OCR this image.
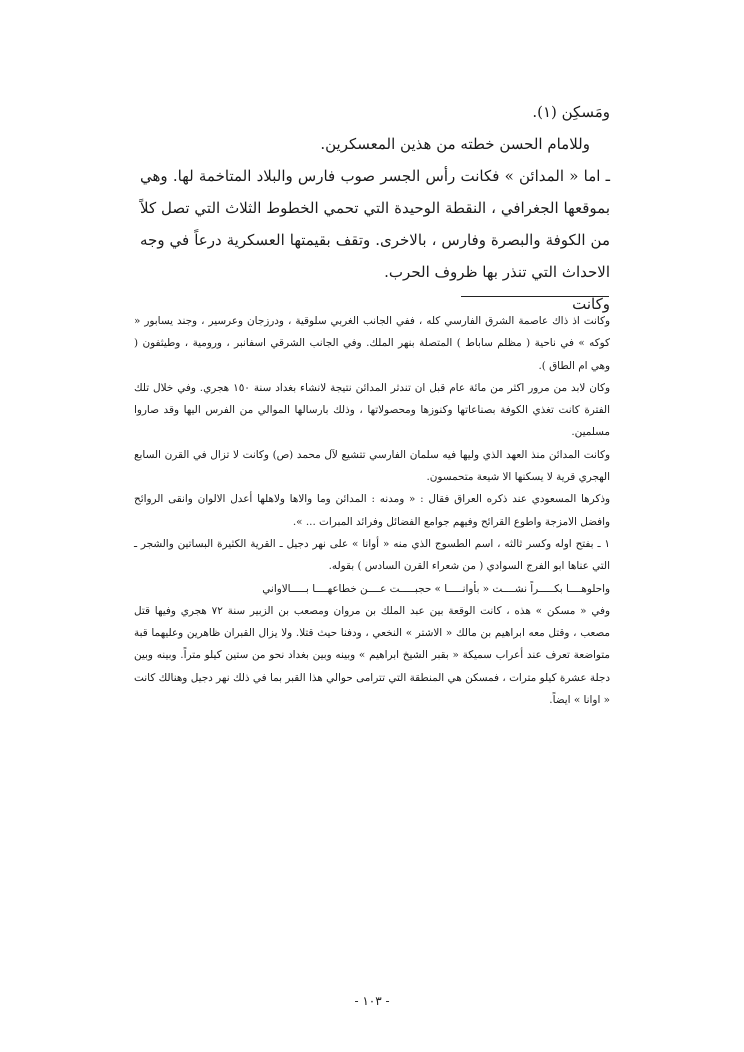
ومَسكِن (١).

وللامام الحسن خطته من هذين المعسكرين.

ـ اما « المدائن » فكانت رأس الجسر صوب فارس والبلاد المتاخمة لها. وهي بموقعها الجغرافي ، النقطة الوحيدة التي تحمي الخطوط الثلاث التي تصل كلاً من الكوفة والبصرة وفارس ، بالاخرى. وتقف بقيمتها العسكرية درعاً في وجه الاحداث التي تنذر بها ظروف الحرب.

وكانت

وكانت اذ ذاك عاصمة الشرق الفارسي كله ، ففي الجانب الغربي سلوقية ، ودرزجان وعرسير ، وجند يسابور « كوكه » في ناحية ( مظلم ساباط ) المتصلة بنهر الملك. وفي الجانب الشرقي اسفانبر ، ورومية ، وطيثفون ( وهي ام الطاق ).

وكان لابد من مرور اكثر من مائة عام قبل ان تندثر المدائن نتيجة لانشاء بغداد سنة ١٥٠ هجري. وفي خلال تلك الفترة كانت تغذي الكوفة بصناعاتها وكنوزها ومحصولاتها ، وذلك بارسالها الموالي من الفرس اليها وقد صاروا مسلمين.

وكانت المدائن منذ العهد الذي وليها فيه سلمان الفارسي تتشيع لآل محمد (ص) وكانت لا تزال في القرن السابع الهجري قرية لا يسكنها الا شيعة متحمسون.

وذكرها المسعودي عند ذكره العراق فقال : « ومدنه : المدائن وما والاها ولاهلها أعدل الالوان وانقى الروائح وافضل الامزجة واطوع القرائح وفيهم جوامع الفضائل وفرائد المبرات ... ».

١ ـ بفتح اوله وكسر ثالثه ، اسم الطسوج الذي منه « أوانا » على نهر دجيل ـ القرية الكثيرة البساتين والشجر ـ التي عناها ابو الفرج السوادي ( من شعراء القرن السادس ) بقوله.

واحلوهــــا بكـــــراً نشــــت « بأوانـــــا » حجبـــــت عــــن خطاعهــــا بـــــالاواني

وفي « مسكن » هذه ، كانت الوقعة بين عبد الملك بن مروان ومصعب بن الزبير سنة ٧٢ هجري وفيها قتل مصعب ، وقتل معه ابراهيم بن مالك « الاشتر » النخعي ، ودفنا حيث قتلا. ولا يزال القبران ظاهرين وعليهما قبة متواضعة تعرف عند أعراب سميكة « بقبر الشيخ ابراهيم » وبينه وبين بغداد نحو من ستين كيلو متراً. وبينه وبين دجلة عشرة كيلو مترات ، فمسكن هي المنطقة التي تترامى حوالي هذا القبر بما في ذلك نهر دجيل وهنالك كانت « اوانا » ايضاً.

- ١٠٣ -
